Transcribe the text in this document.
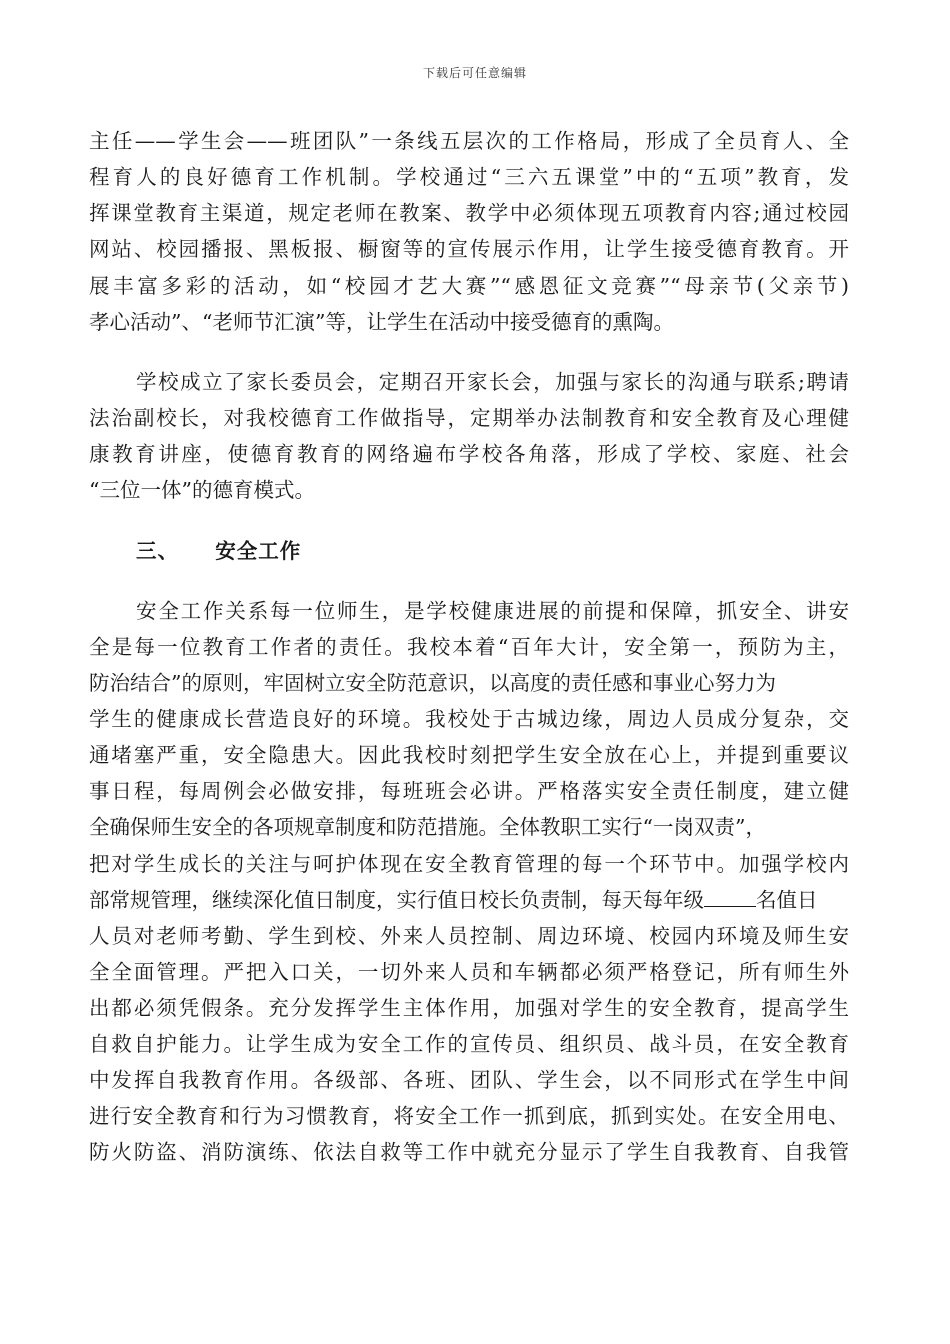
下载后可任意编辑
主任——学生会——班团队”一条线五层次的工作格局，形成了全员育人、全
程育人的良好德育工作机制。学校通过“三六五课堂”中的“五项”教育，发
挥课堂教育主渠道，规定老师在教案、教学中必须体现五项教育内容;通过校园
网站、校园播报、黑板报、橱窗等的宣传展示作用，让学生接受德育教育。开
展丰富多彩的活动，如“校园才艺大赛”“感恩征文竞赛”“母亲节(父亲节)
孝心活动”、“老师节汇演”等，让学生在活动中接受德育的熏陶。
学校成立了家长委员会，定期召开家长会，加强与家长的沟通与联系;聘请
法治副校长，对我校德育工作做指导，定期举办法制教育和安全教育及心理健
康教育讲座，使德育教育的网络遍布学校各角落，形成了学校、家庭、社会
“三位一体”的德育模式。
三、 安全工作
安全工作关系每一位师生，是学校健康进展的前提和保障，抓安全、讲安
全是每一位教育工作者的责任。我校本着“百年大计，安全第一，预防为主，
防治结合”的原则，牢固树立安全防范意识，以高度的责任感和事业心努力为
学生的健康成长营造良好的环境。我校处于古城边缘，周边人员成分复杂，交
通堵塞严重，安全隐患大。因此我校时刻把学生安全放在心上，并提到重要议
事日程，每周例会必做安排，每班班会必讲。严格落实安全责任制度，建立健
全确保师生安全的各项规章制度和防范措施。全体教职工实行“一岗双责”，
把对学生成长的关注与呵护体现在安全教育管理的每一个环节中。加强学校内
部常规管理，继续深化值日制度，实行值日校长负责制，每天每年级	名值日
人员对老师考勤、学生到校、外来人员控制、周边环境、校园内环境及师生安
全全面管理。严把入口关，一切外来人员和车辆都必须严格登记，所有师生外
出都必须凭假条。充分发挥学生主体作用，加强对学生的安全教育，提高学生
自救自护能力。让学生成为安全工作的宣传员、组织员、战斗员，在安全教育
中发挥自我教育作用。各级部、各班、团队、学生会，以不同形式在学生中间
进行安全教育和行为习惯教育，将安全工作一抓到底，抓到实处。在安全用电、
防火防盗、消防演练、依法自救等工作中就充分显示了学生自我教育、自我管
